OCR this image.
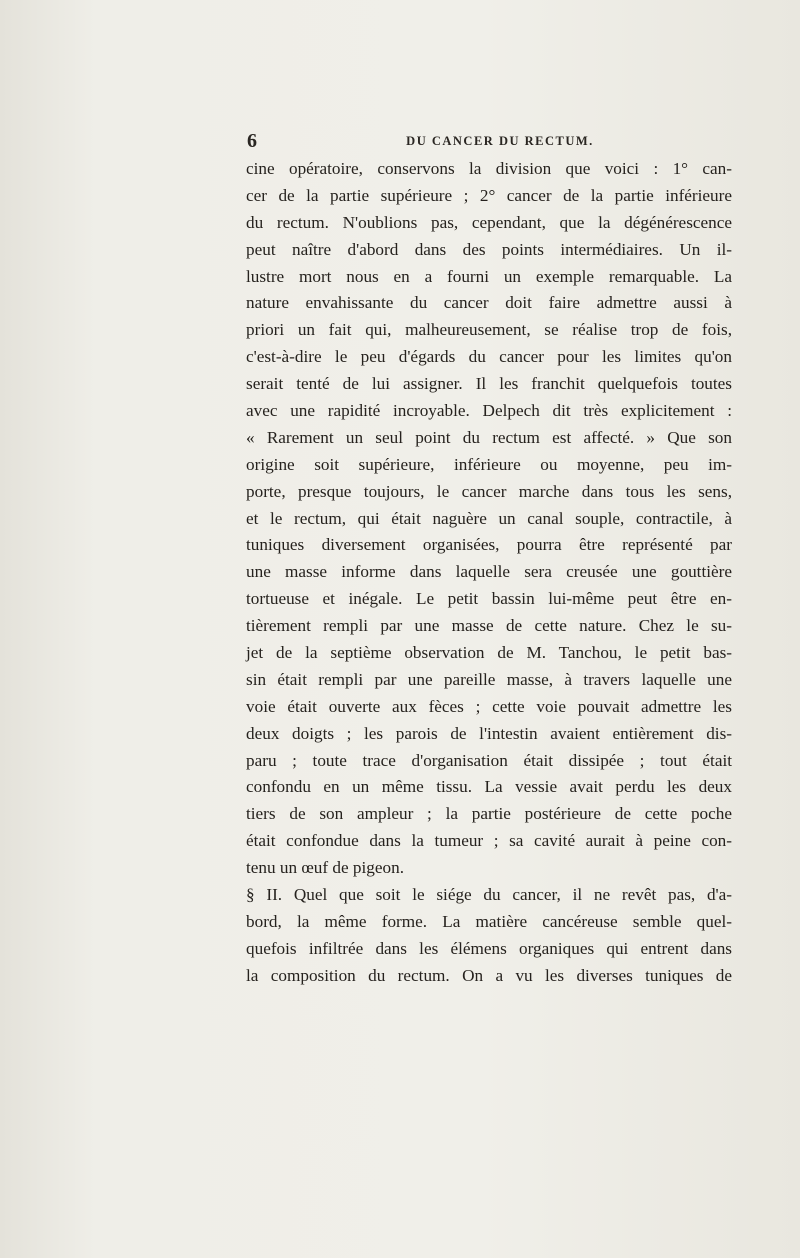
6	DU CANCER DU RECTUM.
cine opératoire, conservons la division que voici : 1° can-
cer de la partie supérieure ; 2° cancer de la partie inférieure
du rectum. N'oublions pas, cependant, que la dégénérescence
peut naître d'abord dans des points intermédiaires. Un il-
lustre mort nous en a fourni un exemple remarquable. La
nature envahissante du cancer doit faire admettre aussi à
priori un fait qui, malheureusement, se réalise trop de fois,
c'est-à-dire le peu d'égards du cancer pour les limites qu'on
serait tenté de lui assigner. Il les franchit quelquefois toutes
avec une rapidité incroyable. Delpech dit très explicitement :
« Rarement un seul point du rectum est affecté. » Que son
origine soit supérieure, inférieure ou moyenne, peu im-
porte, presque toujours, le cancer marche dans tous les sens,
et le rectum, qui était naguère un canal souple, contractile, à
tuniques diversement organisées, pourra être représenté par
une masse informe dans laquelle sera creusée une gouttière
tortueuse et inégale. Le petit bassin lui-même peut être en-
tièrement rempli par une masse de cette nature. Chez le su-
jet de la septième observation de M. Tanchou, le petit bas-
sin était rempli par une pareille masse, à travers laquelle une
voie était ouverte aux fèces ; cette voie pouvait admettre les
deux doigts ; les parois de l'intestin avaient entièrement dis-
paru ; toute trace d'organisation était dissipée ; tout était
confondu en un même tissu. La vessie avait perdu les deux
tiers de son ampleur ; la partie postérieure de cette poche
était confondue dans la tumeur ; sa cavité aurait à peine con-
tenu un œuf de pigeon.
§ II. Quel que soit le siége du cancer, il ne revêt pas, d'a-
bord, la même forme. La matière cancéreuse semble quel-
quefois infiltrée dans les élémens organiques qui entrent dans
la composition du rectum. On a vu les diverses tuniques de
